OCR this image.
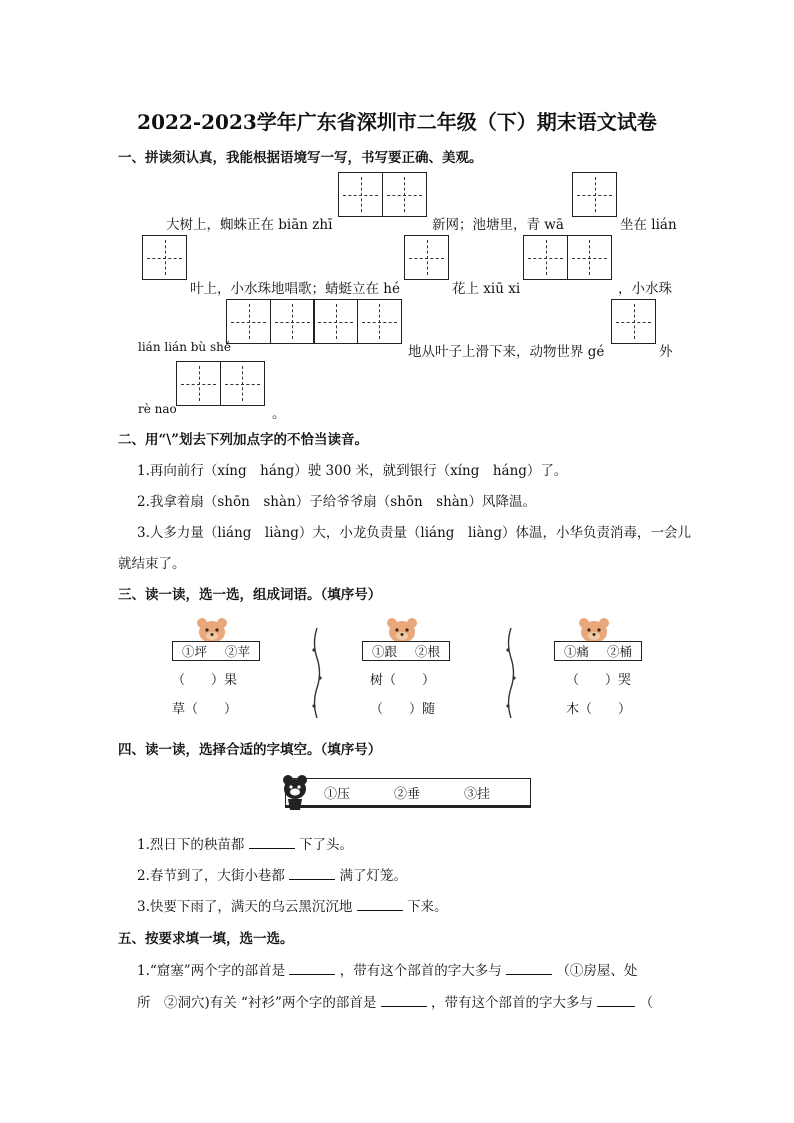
2022-2023学年广东省深圳市二年级（下）期末语文试卷
一、拼读须认真，我能根据语境写一写，书写要正确、美观。
大树上，蜘蛛正在 biān zhī	新网；池塘里，青 wā	坐在 lián
叶上，小水珠地唱歌；蜻蜓立在 hé	花上 xiū xi	，小水珠
lián lián bù shě	地从叶子上滑下来，动物世界 gé	外
rè nao	。
二、用“\”划去下列加点字的不恰当读音。
1.再向前行（xíng　háng）驶 300 米，就到银行（xíng　háng）了。
2.我拿着扇（shōn　shàn）子给爷爷扇（shōn　shàn）风降温。
3.人多力量（liáng　liàng）大，小龙负责量（liáng　liàng）体温，小华负责消毒，一会儿
就结束了。
三、读一读，选一选，组成词语。（填序号）
①坪 ②苹
（　　）果
草（　　）
①跟 ②根
树（　　）
（　　）随
①痛 ②桶
（　　）哭
木（　　）
四、读一读，选择合适的字填空。（填序号）
①压	②垂	③挂
1.烈日下的秧苗都	下了头。
2.春节到了，大街小巷都	满了灯笼。
3.快要下雨了，满天的乌云黑沉沉地	下来。
五、按要求填一填，选一选。
1.“窟塞”两个字的部首是	，带有这个部首的字大多与	（①房屋、处
所　②洞穴)有关 “衬衫”两个字的部首是	，带有这个部首的字大多与	（
